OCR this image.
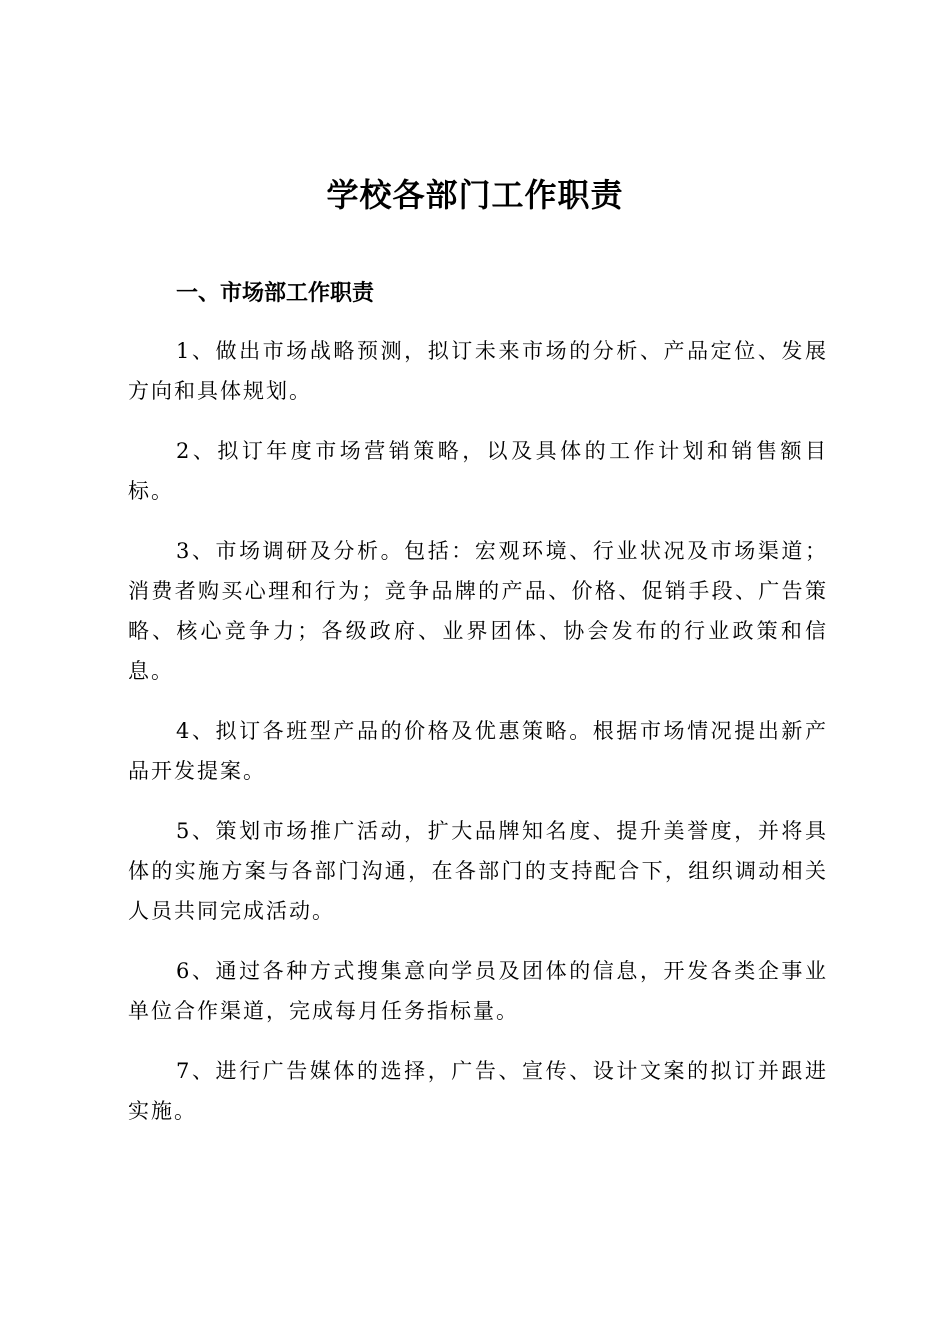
学校各部门工作职责
一、市场部工作职责

1、做出市场战略预测，拟订未来市场的分析、产品定位、发展方向和具体规划。

2、拟订年度市场营销策略，以及具体的工作计划和销售额目标。

3、市场调研及分析。包括：宏观环境、行业状况及市场渠道；消费者购买心理和行为；竞争品牌的产品、价格、促销手段、广告策略、核心竞争力；各级政府、业界团体、协会发布的行业政策和信息。

4、拟订各班型产品的价格及优惠策略。根据市场情况提出新产品开发提案。

5、策划市场推广活动，扩大品牌知名度、提升美誉度，并将具体的实施方案与各部门沟通，在各部门的支持配合下，组织调动相关人员共同完成活动。

6、通过各种方式搜集意向学员及团体的信息，开发各类企事业单位合作渠道，完成每月任务指标量。

7、进行广告媒体的选择，广告、宣传、设计文案的拟订并跟进实施。
